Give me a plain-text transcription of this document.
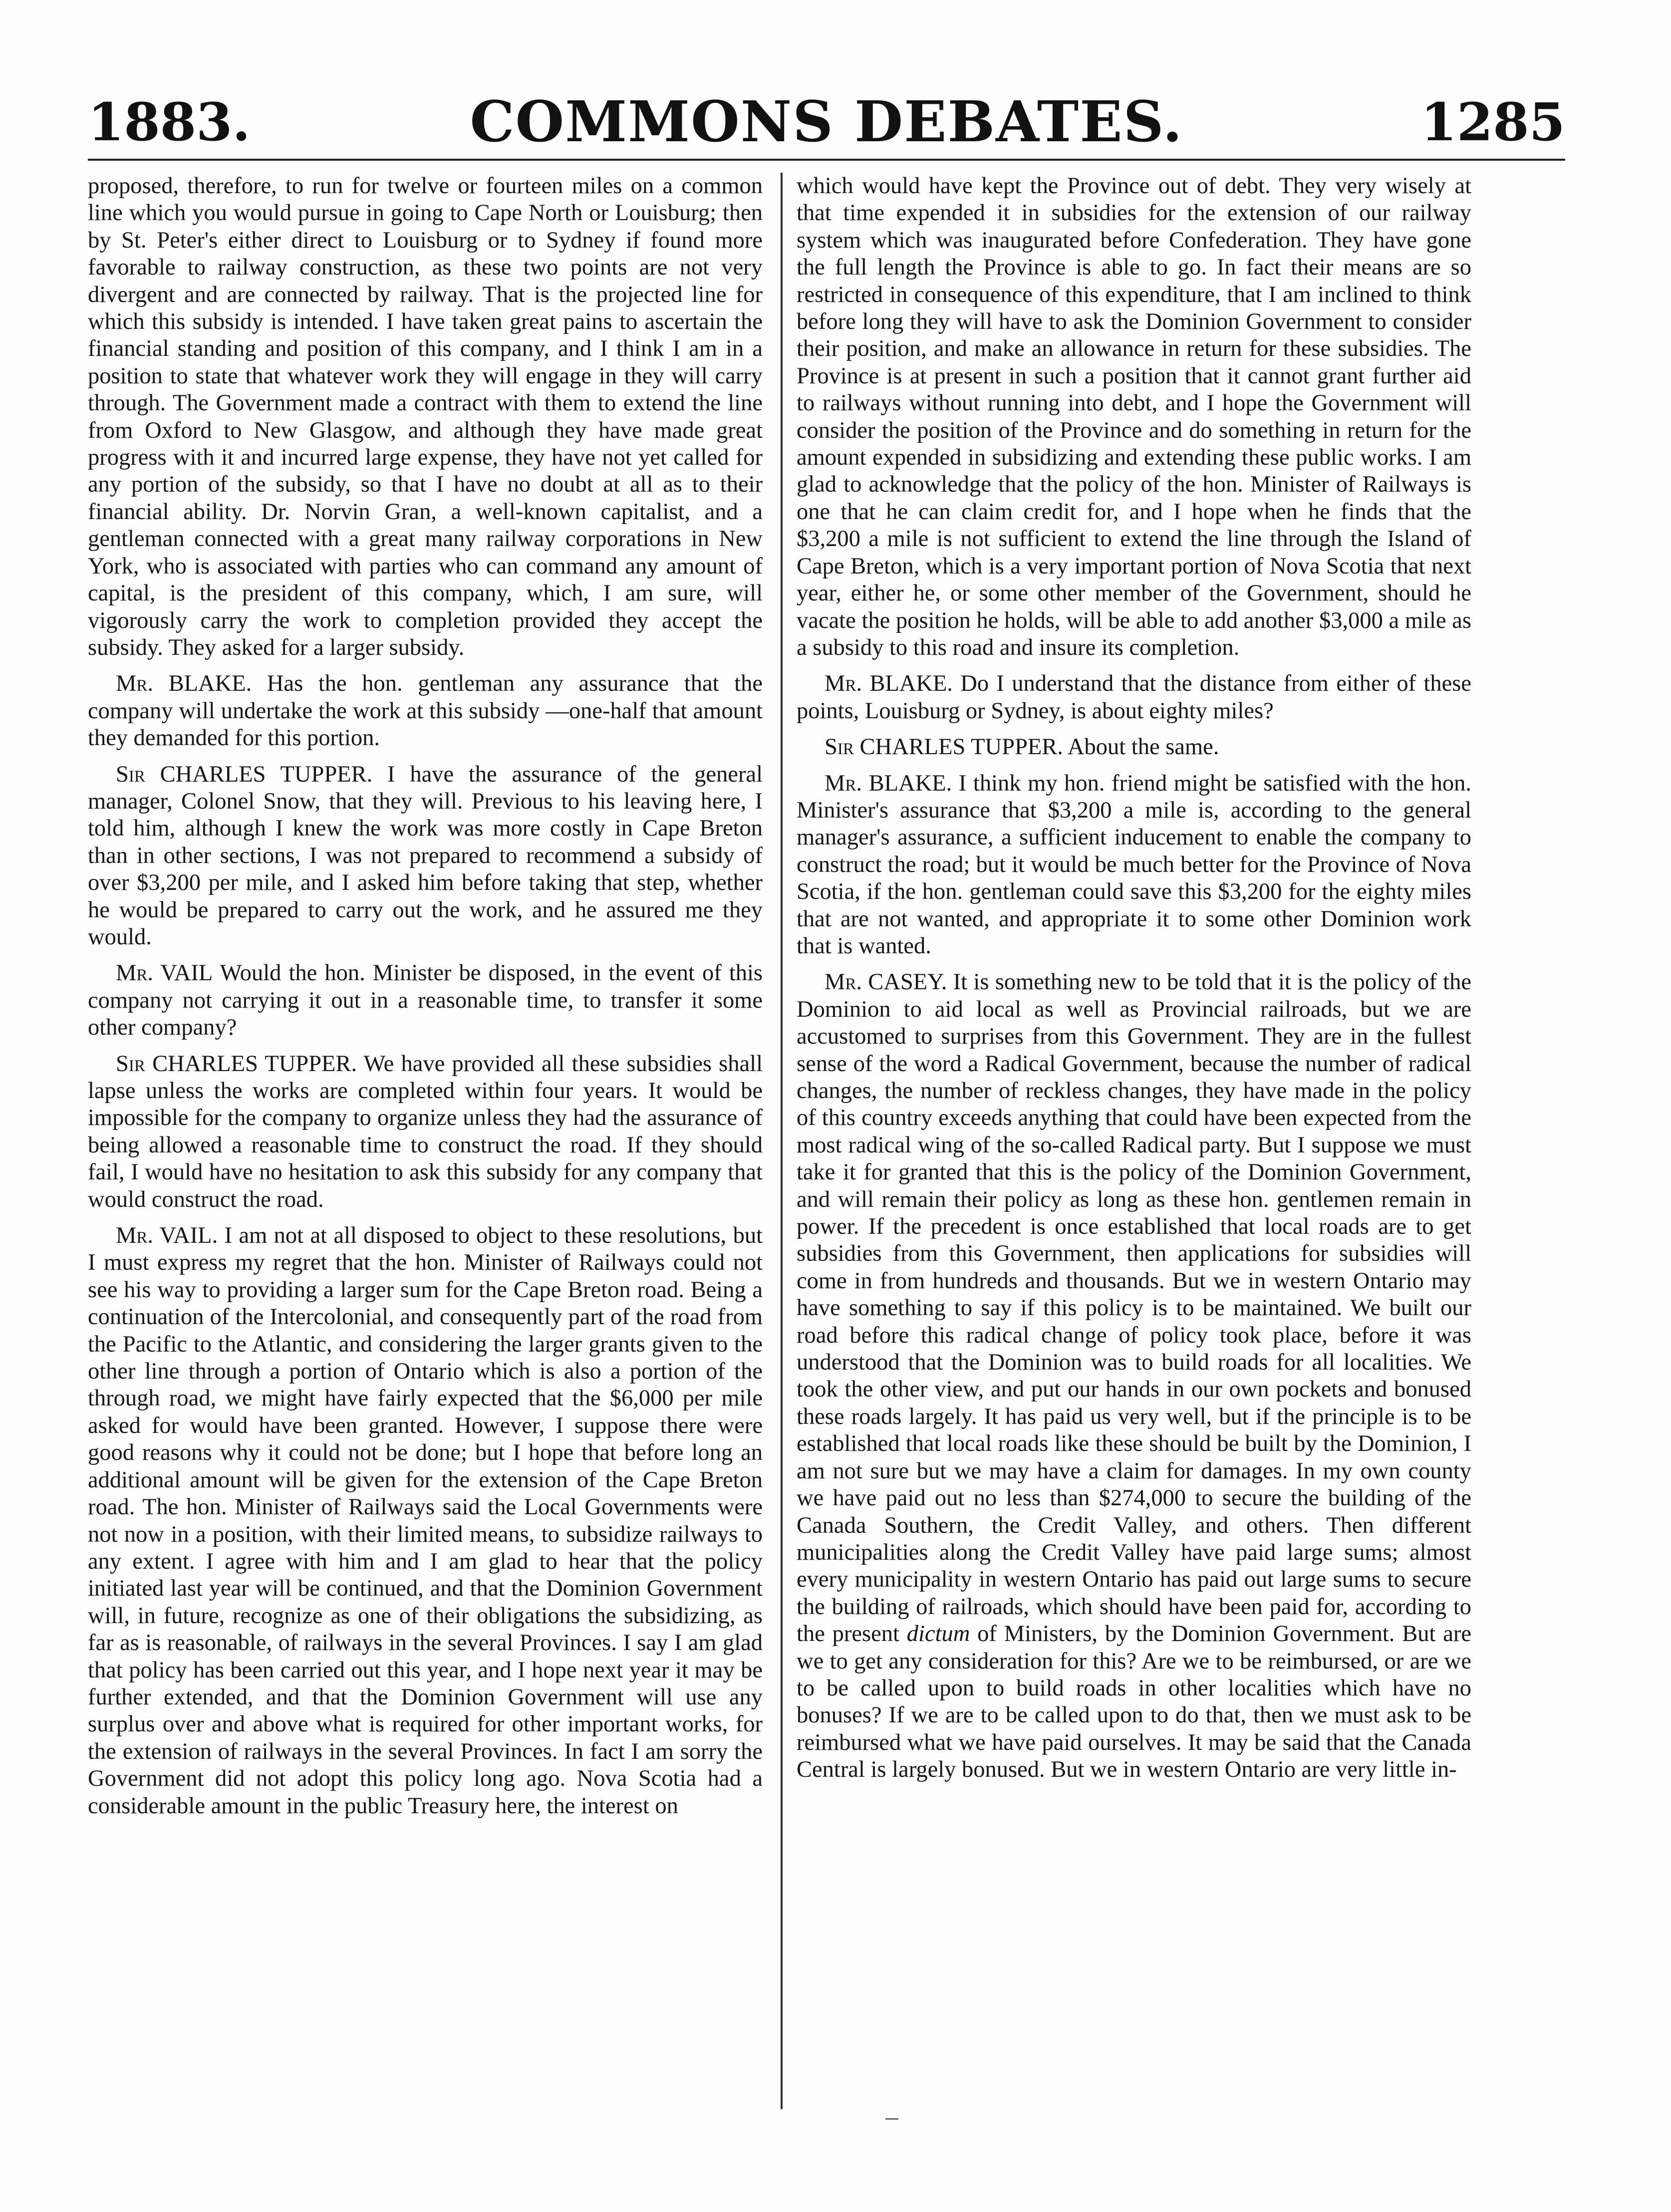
1883.	COMMONS DEBATES.	1285

proposed, therefore, to run for twelve or fourteen miles on a common line which you would pursue in going to Cape North or Louisburg; then by St. Peter's either direct to Louisburg or to Sydney if found more favorable to railway construction, as these two points are not very divergent and are connected by railway. That is the projected line for which this subsidy is intended. I have taken great pains to ascertain the financial standing and position of this company, and I think I am in a position to state that whatever work they will engage in they will carry through. The Government made a contract with them to extend the line from Oxford to New Glasgow, and although they have made great progress with it and incurred large expense, they have not yet called for any portion of the subsidy, so that I have no doubt at all as to their financial ability. Dr. Norvin Gran, a well-known capitalist, and a gentleman connected with a great many railway corporations in New York, who is associated with parties who can command any amount of capital, is the president of this company, which, I am sure, will vigorously carry the work to completion provided they accept the subsidy. They asked for a larger subsidy.

Mr. BLAKE. Has the hon. gentleman any assurance that the company will undertake the work at this subsidy —one-half that amount they demanded for this portion.

Sir CHARLES TUPPER. I have the assurance of the general manager, Colonel Snow, that they will. Previous to his leaving here, I told him, although I knew the work was more costly in Cape Breton than in other sections, I was not prepared to recommend a subsidy of over $3,200 per mile, and I asked him before taking that step, whether he would be prepared to carry out the work, and he assured me they would.

Mr. VAIL Would the hon. Minister be disposed, in the event of this company not carrying it out in a reasonable time, to transfer it some other company?

Sir CHARLES TUPPER. We have provided all these subsidies shall lapse unless the works are completed within four years. It would be impossible for the company to organize unless they had the assurance of being allowed a reasonable time to construct the road. If they should fail, I would have no hesitation to ask this subsidy for any company that would construct the road.

Mr. VAIL. I am not at all disposed to object to these resolutions, but I must express my regret that the hon. Minister of Railways could not see his way to providing a larger sum for the Cape Breton road. Being a continuation of the Intercolonial, and consequently part of the road from the Pacific to the Atlantic, and considering the larger grants given to the other line through a portion of Ontario which is also a portion of the through road, we might have fairly expected that the $6,000 per mile asked for would have been granted. However, I suppose there were good reasons why it could not be done; but I hope that before long an additional amount will be given for the extension of the Cape Breton road. The hon. Minister of Railways said the Local Governments were not now in a position, with their limited means, to subsidize railways to any extent. I agree with him and I am glad to hear that the policy initiated last year will be continued, and that the Dominion Government will, in future, recognize as one of their obligations the subsidizing, as far as is reasonable, of railways in the several Provinces. I say I am glad that policy has been carried out this year, and I hope next year it may be further extended, and that the Dominion Government will use any surplus over and above what is required for other important works, for the extension of railways in the several Provinces. In fact I am sorry the Government did not adopt this policy long ago. Nova Scotia had a considerable amount in the public Treasury here, the interest on

which would have kept the Province out of debt. They very wisely at that time expended it in subsidies for the extension of our railway system which was inaugurated before Confederation. They have gone the full length the Province is able to go. In fact their means are so restricted in consequence of this expenditure, that I am inclined to think before long they will have to ask the Dominion Government to consider their position, and make an allowance in return for these subsidies. The Province is at present in such a position that it cannot grant further aid to railways without running into debt, and I hope the Government will consider the position of the Province and do something in return for the amount expended in subsidizing and extending these public works. I am glad to acknowledge that the policy of the hon. Minister of Railways is one that he can claim credit for, and I hope when he finds that the $3,200 a mile is not sufficient to extend the line through the Island of Cape Breton, which is a very important portion of Nova Scotia that next year, either he, or some other member of the Government, should he vacate the position he holds, will be able to add another $3,000 a mile as a subsidy to this road and insure its completion.

Mr. BLAKE. Do I understand that the distance from either of these points, Louisburg or Sydney, is about eighty miles?

Sir CHARLES TUPPER. About the same.

Mr. BLAKE. I think my hon. friend might be satisfied with the hon. Minister's assurance that $3,200 a mile is, according to the general manager's assurance, a sufficient inducement to enable the company to construct the road; but it would be much better for the Province of Nova Scotia, if the hon. gentleman could save this $3,200 for the eighty miles that are not wanted, and appropriate it to some other Dominion work that is wanted.

Mr. CASEY. It is something new to be told that it is the policy of the Dominion to aid local as well as Provincial railroads, but we are accustomed to surprises from this Government. They are in the fullest sense of the word a Radical Government, because the number of radical changes, the number of reckless changes, they have made in the policy of this country exceeds anything that could have been expected from the most radical wing of the so-called Radical party. But I suppose we must take it for granted that this is the policy of the Dominion Government, and will remain their policy as long as these hon. gentlemen remain in power. If the precedent is once established that local roads are to get subsidies from this Government, then applications for subsidies will come in from hundreds and thousands. But we in western Ontario may have something to say if this policy is to be maintained. We built our road before this radical change of policy took place, before it was understood that the Dominion was to build roads for all localities. We took the other view, and put our hands in our own pockets and bonused these roads largely. It has paid us very well, but if the principle is to be established that local roads like these should be built by the Dominion, I am not sure but we may have a claim for damages. In my own county we have paid out no less than $274,000 to secure the building of the Canada Southern, the Credit Valley, and others. Then different municipalities along the Credit Valley have paid large sums; almost every municipality in western Ontario has paid out large sums to secure the building of railroads, which should have been paid for, according to the present dictum of Ministers, by the Dominion Government. But are we to get any consideration for this? Are we to be reimbursed, or are we to be called upon to build roads in other localities which have no bonuses? If we are to be called upon to do that, then we must ask to be reimbursed what we have paid ourselves. It may be said that the Canada Central is largely bonused. But we in western Ontario are very little in-
